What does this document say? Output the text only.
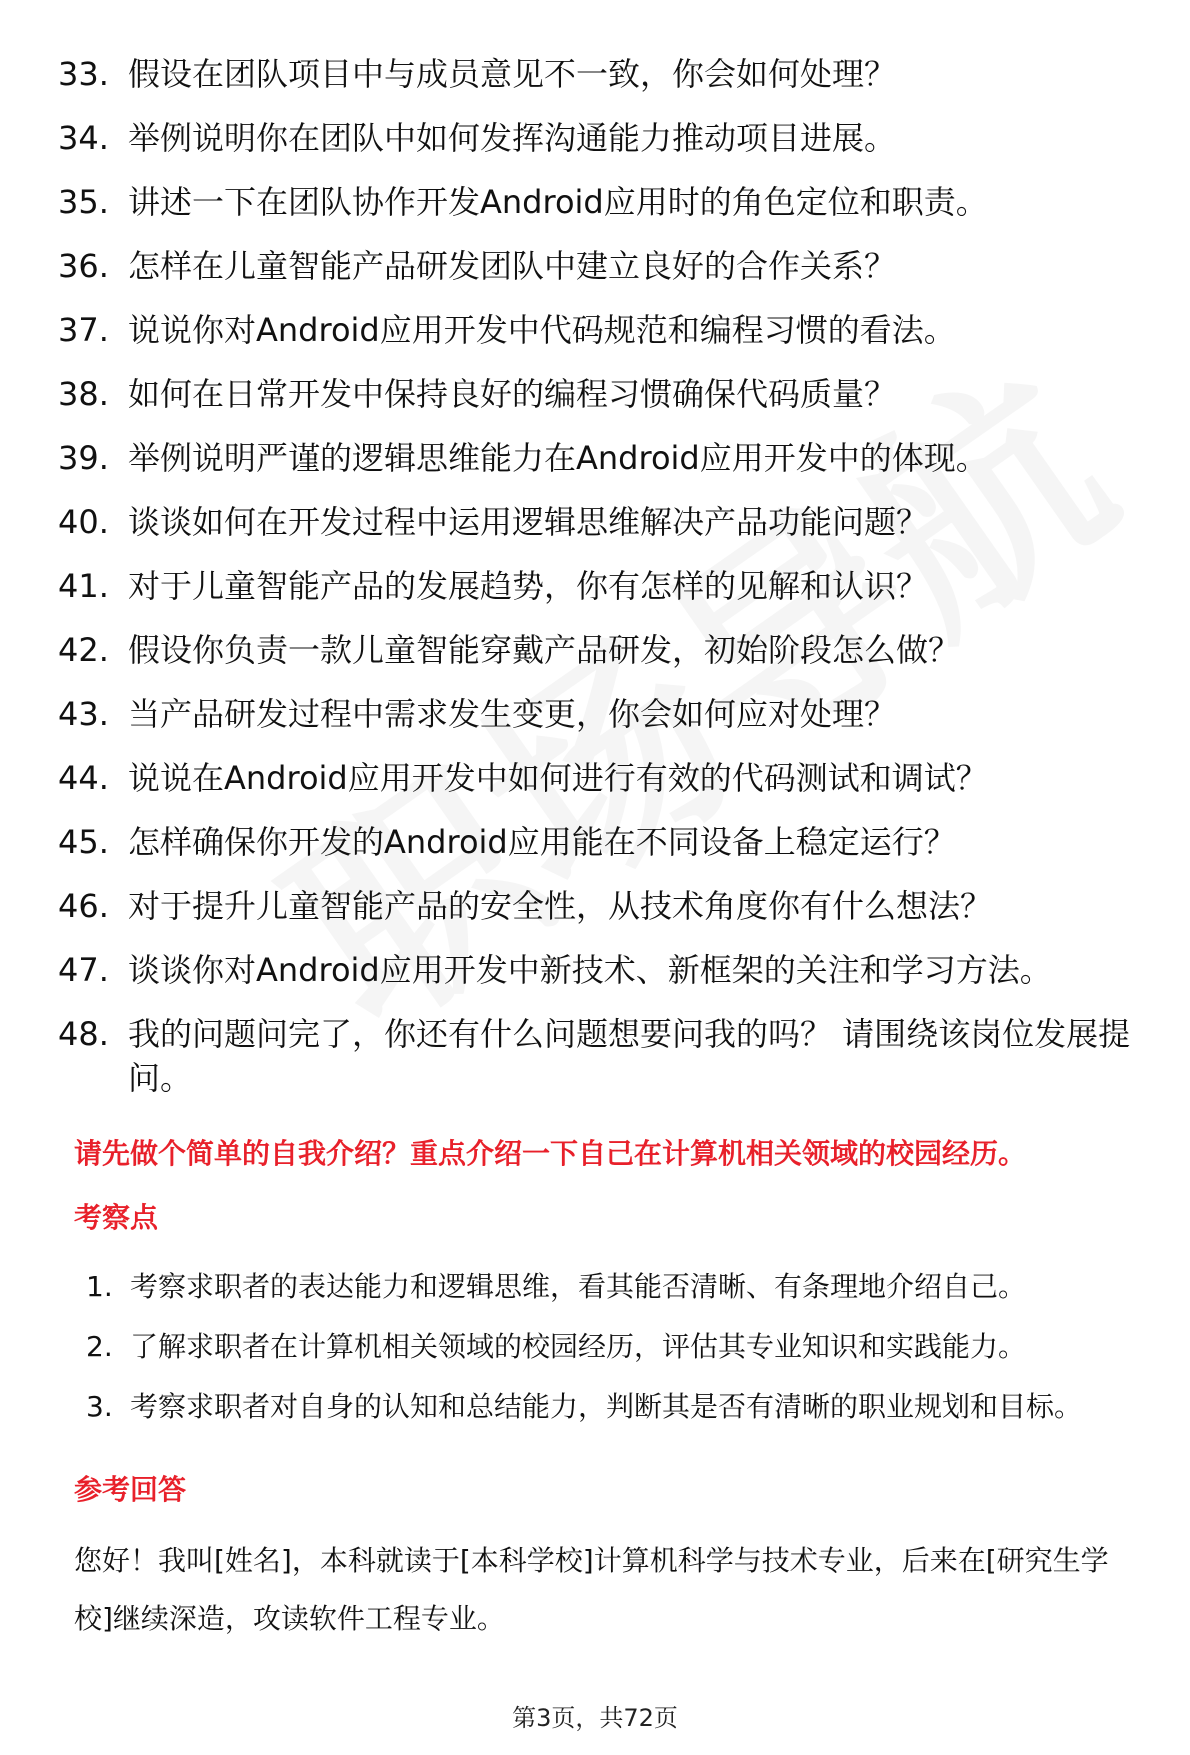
33. 假设在团队项目中与成员意见不一致，你会如何处理？
34. 举例说明你在团队中如何发挥沟通能力推动项目进展。
35. 讲述一下在团队协作开发Android应用时的角色定位和职责。
36. 怎样在儿童智能产品研发团队中建立良好的合作关系？
37. 说说你对Android应用开发中代码规范和编程习惯的看法。
38. 如何在日常开发中保持良好的编程习惯确保代码质量？
39. 举例说明严谨的逻辑思维能力在Android应用开发中的体现。
40. 谈谈如何在开发过程中运用逻辑思维解决产品功能问题？
41. 对于儿童智能产品的发展趋势，你有怎样的见解和认识？
42. 假设你负责一款儿童智能穿戴产品研发，初始阶段怎么做？
43. 当产品研发过程中需求发生变更，你会如何应对处理？
44. 说说在Android应用开发中如何进行有效的代码测试和调试？
45. 怎样确保你开发的Android应用能在不同设备上稳定运行？
46. 对于提升儿童智能产品的安全性，从技术角度你有什么想法？
47. 谈谈你对Android应用开发中新技术、新框架的关注和学习方法。
48. 我的问题问完了，你还有什么问题想要问我的吗？ 请围绕该岗位发展提问。
请先做个简单的自我介绍？重点介绍一下自己在计算机相关领域的校园经历。
考察点
1. 考察求职者的表达能力和逻辑思维，看其能否清晰、有条理地介绍自己。
2. 了解求职者在计算机相关领域的校园经历，评估其专业知识和实践能力。
3. 考察求职者对自身的认知和总结能力，判断其是否有清晰的职业规划和目标。
参考回答

您好！我叫[姓名]，本科就读于[本科学校]计算机科学与技术专业，后来在[研究生学校]继续深造，攻读软件工程专业。

第3页，共72页
